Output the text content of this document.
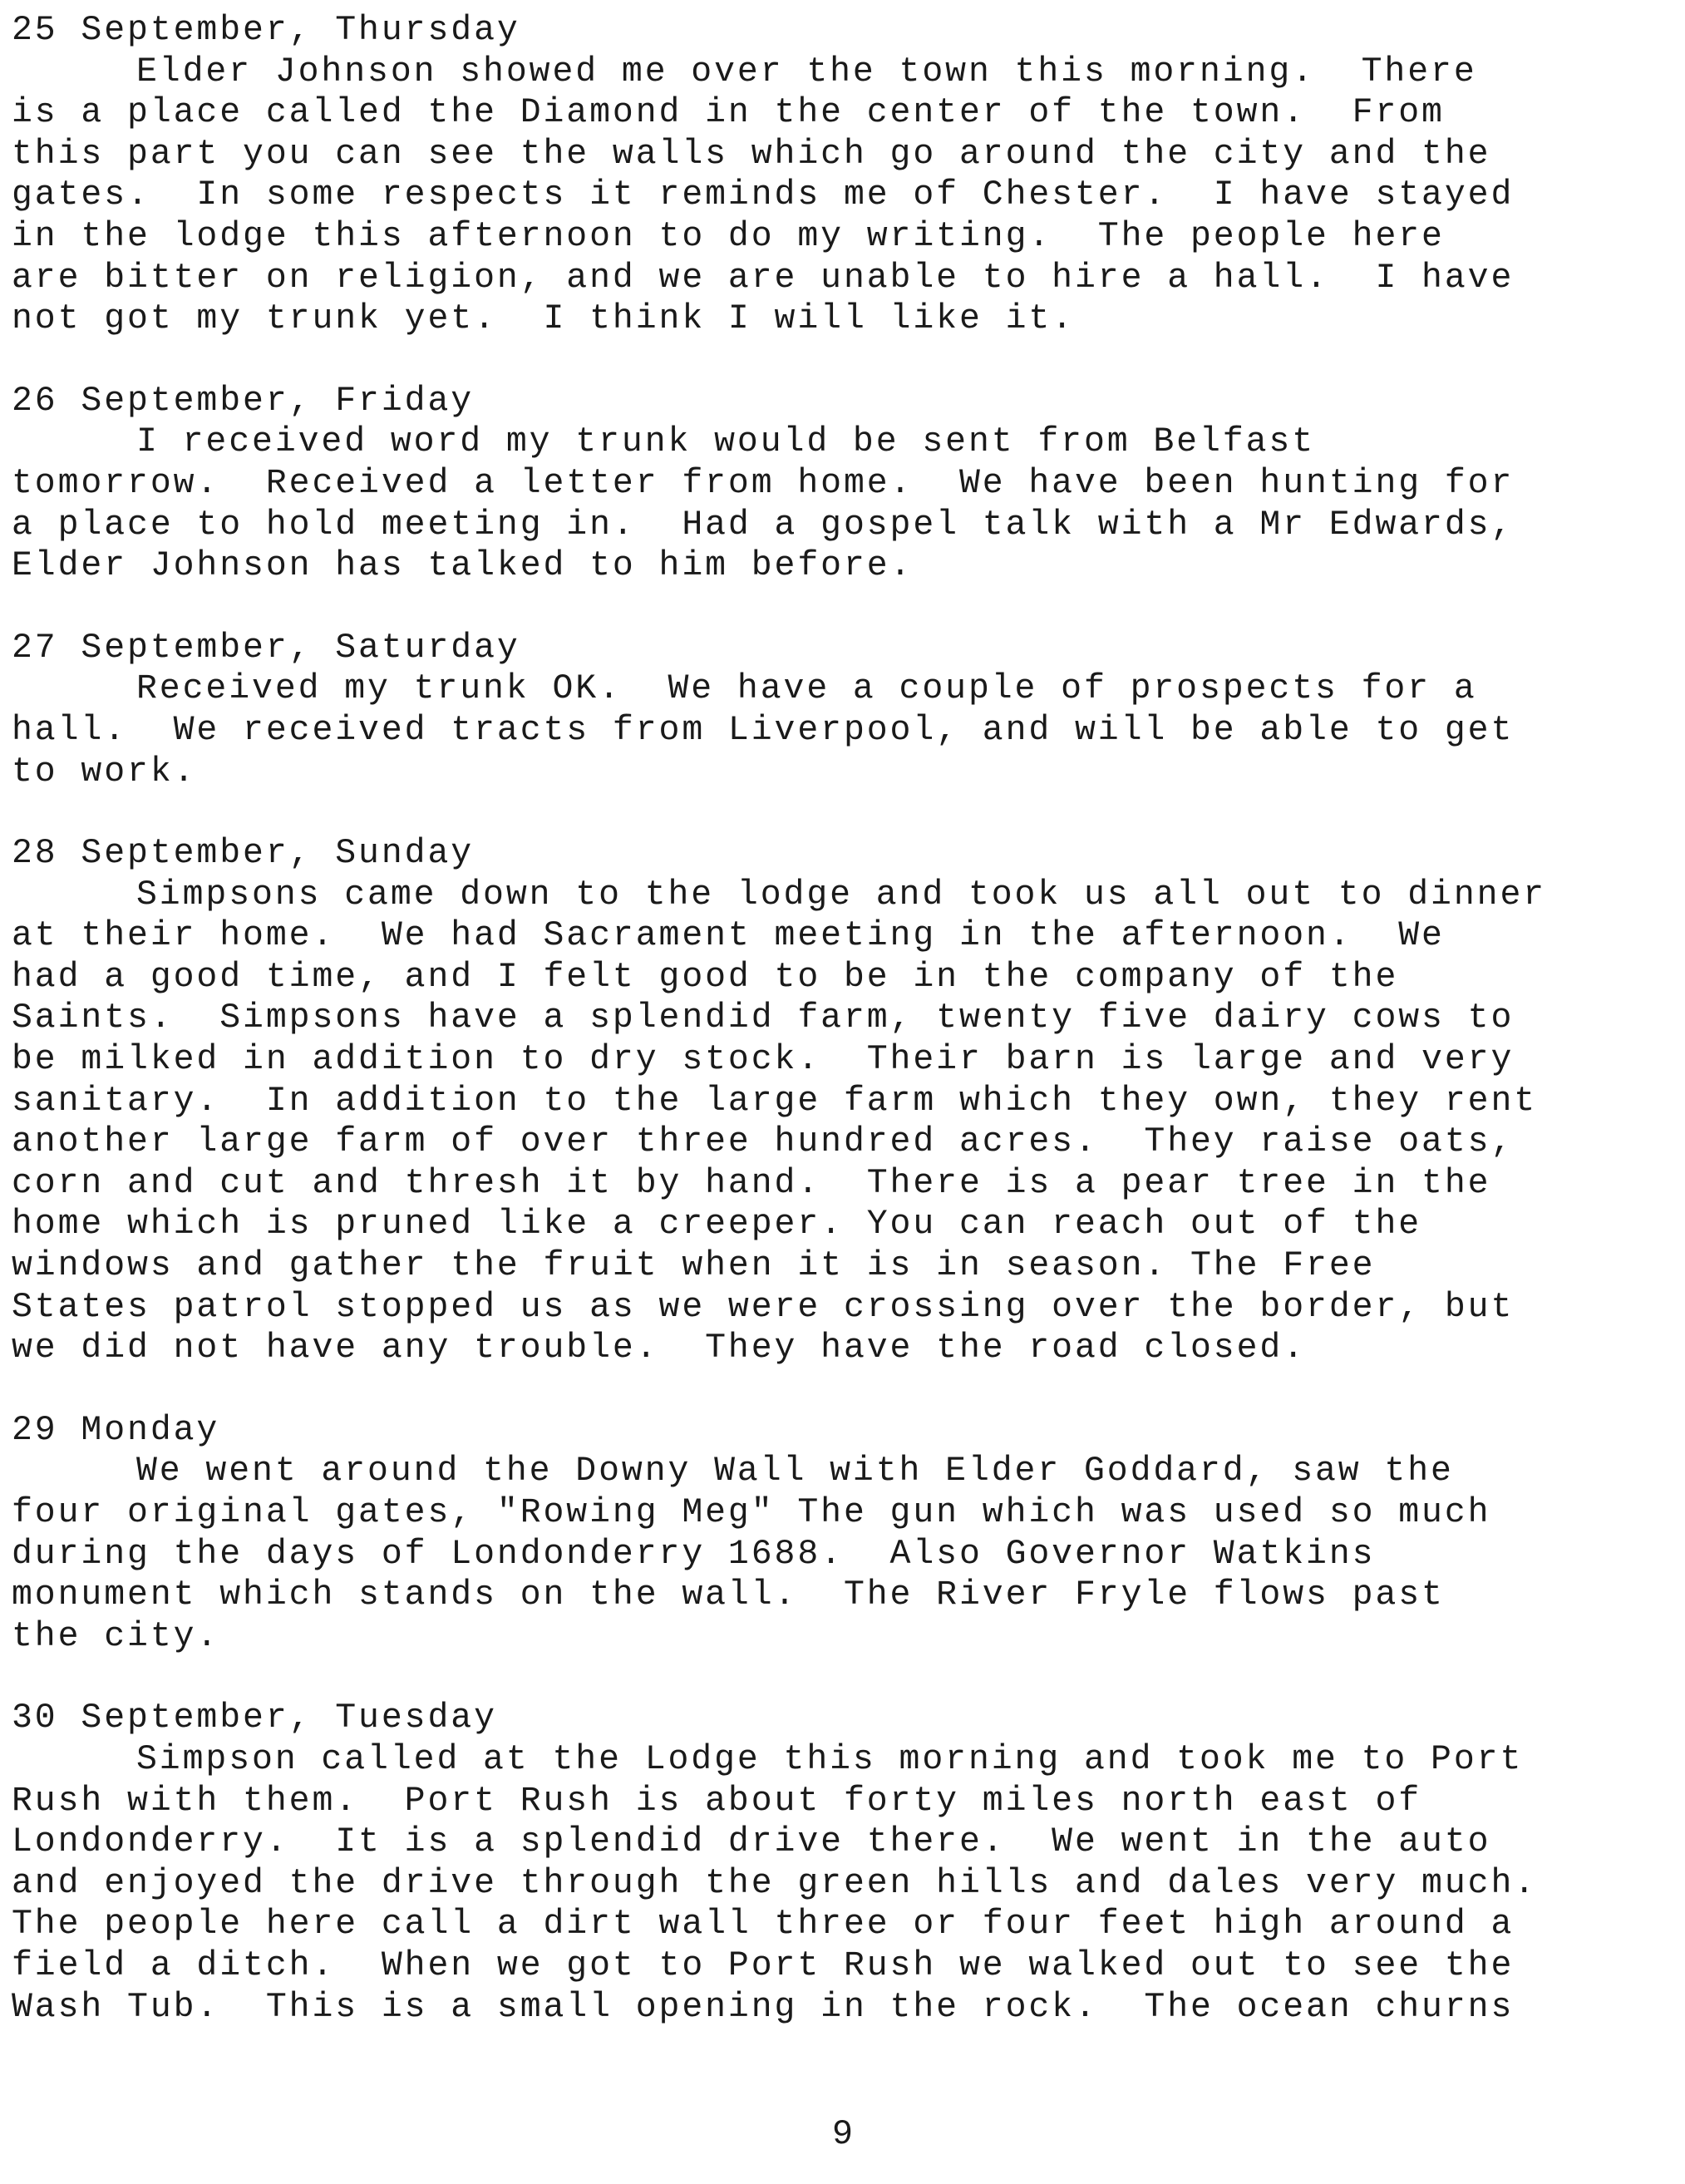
25 September, Thursday
Elder Johnson showed me over the town this morning.  There
is a place called the Diamond in the center of the town.  From
this part you can see the walls which go around the city and the
gates.  In some respects it reminds me of Chester.  I have stayed
in the lodge this afternoon to do my writing.  The people here
are bitter on religion, and we are unable to hire a hall.  I have
not got my trunk yet.  I think I will like it.
26 September, Friday
I received word my trunk would be sent from Belfast
tomorrow.  Received a letter from home.  We have been hunting for
a place to hold meeting in.  Had a gospel talk with a Mr Edwards,
Elder Johnson has talked to him before.
27 September, Saturday
Received my trunk OK.  We have a couple of prospects for a
hall.  We received tracts from Liverpool, and will be able to get
to work.
28 September, Sunday
Simpsons came down to the lodge and took us all out to dinner
at their home.  We had Sacrament meeting in the afternoon.  We
had a good time, and I felt good to be in the company of the
Saints.  Simpsons have a splendid farm, twenty five dairy cows to
be milked in addition to dry stock.  Their barn is large and very
sanitary.  In addition to the large farm which they own, they rent
another large farm of over three hundred acres.  They raise oats,
corn and cut and thresh it by hand.  There is a pear tree in the
home which is pruned like a creeper. You can reach out of the
windows and gather the fruit when it is in season. The Free
States patrol stopped us as we were crossing over the border, but
we did not have any trouble.  They have the road closed.
29 Monday
We went around the Downy Wall with Elder Goddard, saw the
four original gates, "Rowing Meg" The gun which was used so much
during the days of Londonderry 1688.  Also Governor Watkins
monument which stands on the wall.  The River Fryle flows past
the city.
30 September, Tuesday
Simpson called at the Lodge this morning and took me to Port
Rush with them.  Port Rush is about forty miles north east of
Londonderry.  It is a splendid drive there.  We went in the auto
and enjoyed the drive through the green hills and dales very much.
The people here call a dirt wall three or four feet high around a
field a ditch.  When we got to Port Rush we walked out to see the
Wash Tub.  This is a small opening in the rock.  The ocean churns
9
